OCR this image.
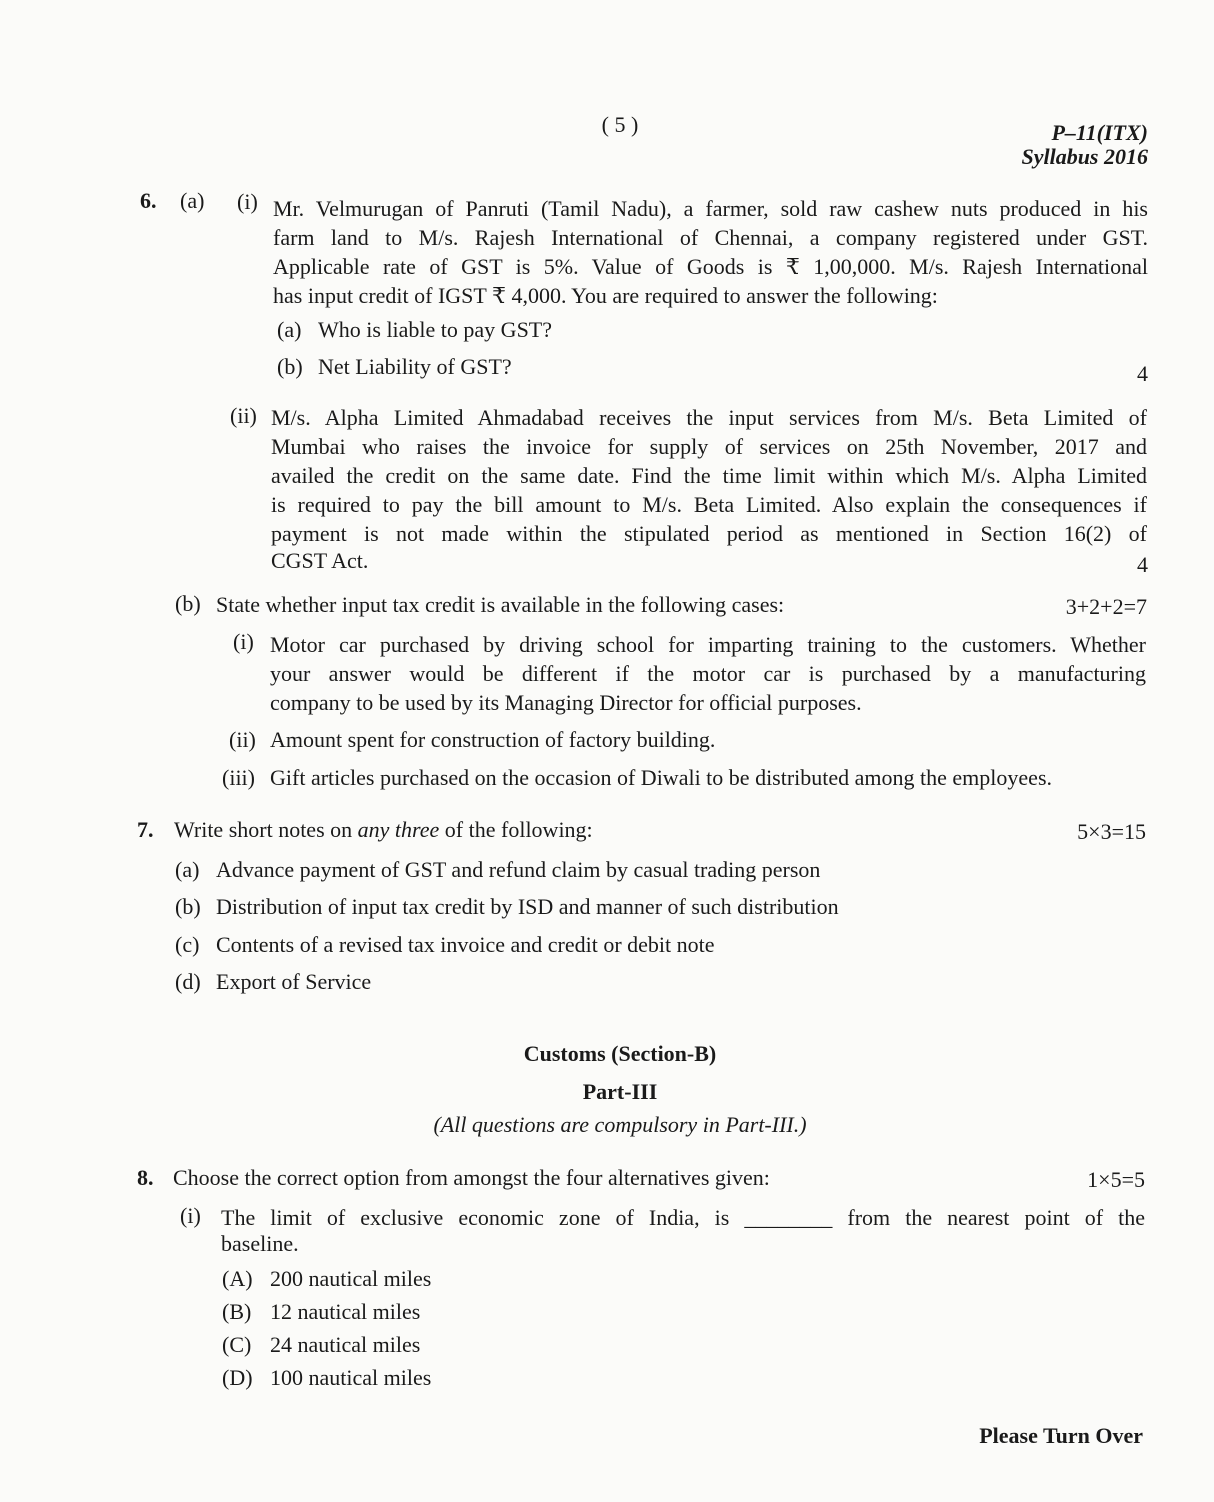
( 5 )	P–11(ITX)
Syllabus 2016
6. (a) (i) Mr. Velmurugan of Panruti (Tamil Nadu), a farmer, sold raw cashew nuts produced in his
farm land to M/s. Rajesh International of Chennai, a company registered under GST.
Applicable rate of GST is 5%. Value of Goods is ₹ 1,00,000. M/s. Rajesh International
has input credit of IGST ₹ 4,000. You are required to answer the following:
(a) Who is liable to pay GST?
(b) Net Liability of GST?	4
(ii) M/s. Alpha Limited Ahmadabad receives the input services from M/s. Beta Limited of
Mumbai who raises the invoice for supply of services on 25th November, 2017 and
availed the credit on the same date. Find the time limit within which M/s. Alpha Limited
is required to pay the bill amount to M/s. Beta Limited. Also explain the consequences if
payment is not made within the stipulated period as mentioned in Section 16(2) of
CGST Act.	4
(b) State whether input tax credit is available in the following cases:	3+2+2=7
(i) Motor car purchased by driving school for imparting training to the customers. Whether
your answer would be different if the motor car is purchased by a manufacturing
company to be used by its Managing Director for official purposes.
(ii) Amount spent for construction of factory building.
(iii) Gift articles purchased on the occasion of Diwali to be distributed among the employees.
7. Write short notes on any three of the following:	5×3=15
(a) Advance payment of GST and refund claim by casual trading person
(b) Distribution of input tax credit by ISD and manner of such distribution
(c) Contents of a revised tax invoice and credit or debit note
(d) Export of Service
Customs (Section-B)
Part-III
(All questions are compulsory in Part-III.)
8. Choose the correct option from amongst the four alternatives given:	1×5=5
(i) The limit of exclusive economic zone of India, is ________ from the nearest point of the
baseline.
(A) 200 nautical miles
(B) 12 nautical miles
(C) 24 nautical miles
(D) 100 nautical miles
Please Turn Over
